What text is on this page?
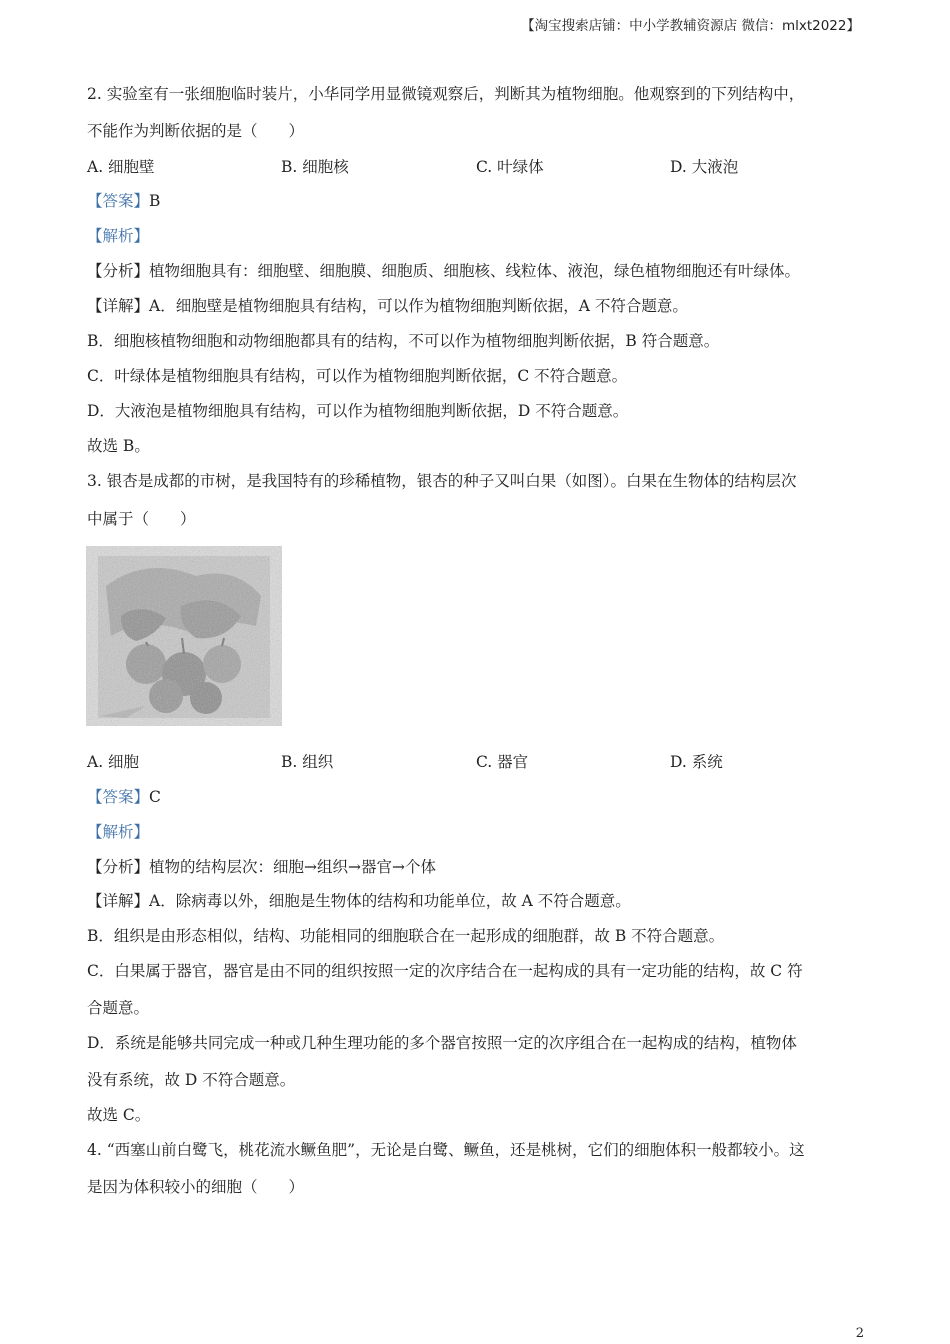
【淘宝搜索店铺：中小学教辅资源店 微信：mlxt2022】
2. 实验室有一张细胞临时装片，小华同学用显微镜观察后，判断其为植物细胞。他观察到的下列结构中，
不能作为判断依据的是（　　）
A. 细胞壁	B. 细胞核	C. 叶绿体	D. 大液泡
【答案】B
【解析】
【分析】植物细胞具有：细胞壁、细胞膜、细胞质、细胞核、线粒体、液泡，绿色植物细胞还有叶绿体。
【详解】A．细胞壁是植物细胞具有结构，可以作为植物细胞判断依据，A 不符合题意。
B．细胞核植物细胞和动物细胞都具有的结构，不可以作为植物细胞判断依据，B 符合题意。
C．叶绿体是植物细胞具有结构，可以作为植物细胞判断依据，C 不符合题意。
D．大液泡是植物细胞具有结构，可以作为植物细胞判断依据，D 不符合题意。
故选 B。
3. 银杏是成都的市树，是我国特有的珍稀植物，银杏的种子又叫白果（如图）。白果在生物体的结构层次
中属于（　　）
A. 细胞	B. 组织	C. 器官	D. 系统
【答案】C
【解析】
【分析】植物的结构层次：细胞→组织→器官→个体
【详解】A．除病毒以外，细胞是生物体的结构和功能单位，故 A 不符合题意。
B．组织是由形态相似，结构、功能相同的细胞联合在一起形成的细胞群，故 B 不符合题意。
C．白果属于器官，器官是由不同的组织按照一定的次序结合在一起构成的具有一定功能的结构，故 C 符
合题意。
D．系统是能够共同完成一种或几种生理功能的多个器官按照一定的次序组合在一起构成的结构，植物体
没有系统，故 D 不符合题意。
故选 C。
4. “西塞山前白鹭飞，桃花流水鳜鱼肥”，无论是白鹭、鳜鱼，还是桃树，它们的细胞体积一般都较小。这
是因为体积较小的细胞（　　）
2
